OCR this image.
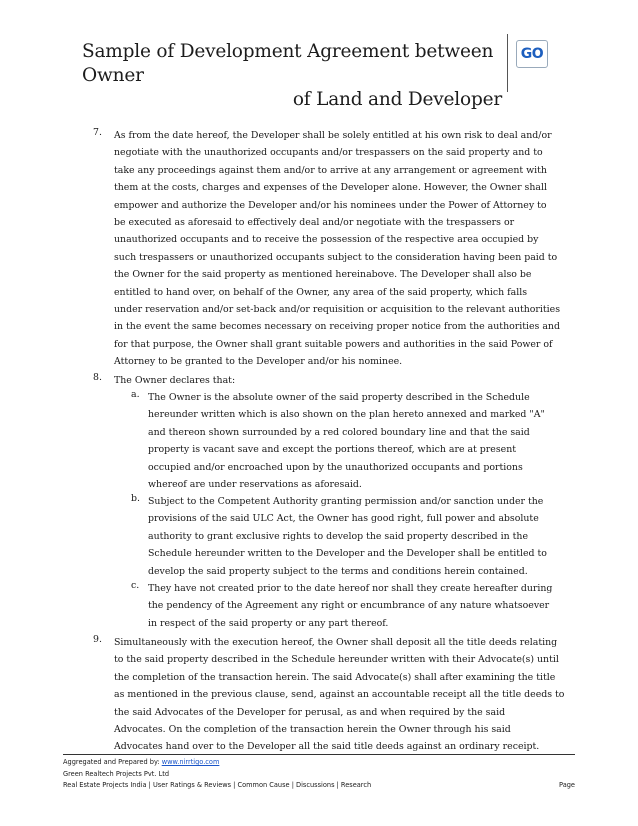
Sample of Development Agreement between Owner
of Land and Developer
GO
7. As from the date hereof, the Developer shall be solely entitled at his own risk to deal and/or
negotiate with the unauthorized occupants and/or trespassers on the said property and to
take any proceedings against them and/or to arrive at any arrangement or agreement with
them at the costs, charges and expenses of the Developer alone. However, the Owner shall
empower and authorize the Developer and/or his nominees under the Power of Attorney to
be executed as aforesaid to effectively deal and/or negotiate with the trespassers or
unauthorized occupants and to receive the possession of the respective area occupied by
such trespassers or unauthorized occupants subject to the consideration having been paid to
the Owner for the said property as mentioned hereinabove. The Developer shall also be
entitled to hand over, on behalf of the Owner, any area of the said property, which falls
under reservation and/or set-back and/or requisition or acquisition to the relevant authorities
in the event the same becomes necessary on receiving proper notice from the authorities and
for that purpose, the Owner shall grant suitable powers and authorities in the said Power of
Attorney to be granted to the Developer and/or his nominee.
8. The Owner declares that:
a. The Owner is the absolute owner of the said property described in the Schedule
hereunder written which is also shown on the plan hereto annexed and marked "A"
and thereon shown surrounded by a red colored boundary line and that the said
property is vacant save and except the portions thereof, which are at present
occupied and/or encroached upon by the unauthorized occupants and portions
whereof are under reservations as aforesaid.
b. Subject to the Competent Authority granting permission and/or sanction under the
provisions of the said ULC Act, the Owner has good right, full power and absolute
authority to grant exclusive rights to develop the said property described in the
Schedule hereunder written to the Developer and the Developer shall be entitled to
develop the said property subject to the terms and conditions herein contained.
c. They have not created prior to the date hereof nor shall they create hereafter during
the pendency of the Agreement any right or encumbrance of any nature whatsoever
in respect of the said property or any part thereof.
9. Simultaneously with the execution hereof, the Owner shall deposit all the title deeds relating
to the said property described in the Schedule hereunder written with their Advocate(s) until
the completion of the transaction herein. The said Advocate(s) shall after examining the title
as mentioned in the previous clause, send, against an accountable receipt all the title deeds to
the said Advocates of the Developer for perusal, as and when required by the said
Advocates. On the completion of the transaction herein the Owner through his said
Advocates hand over to the Developer all the said title deeds against an ordinary receipt.
Aggregated and Prepared by: www.nirrtigo.com
Green Realtech Projects Pvt. Ltd
Real Estate Projects India | User Ratings & Reviews | Common Cause | Discussions | Research	Page
